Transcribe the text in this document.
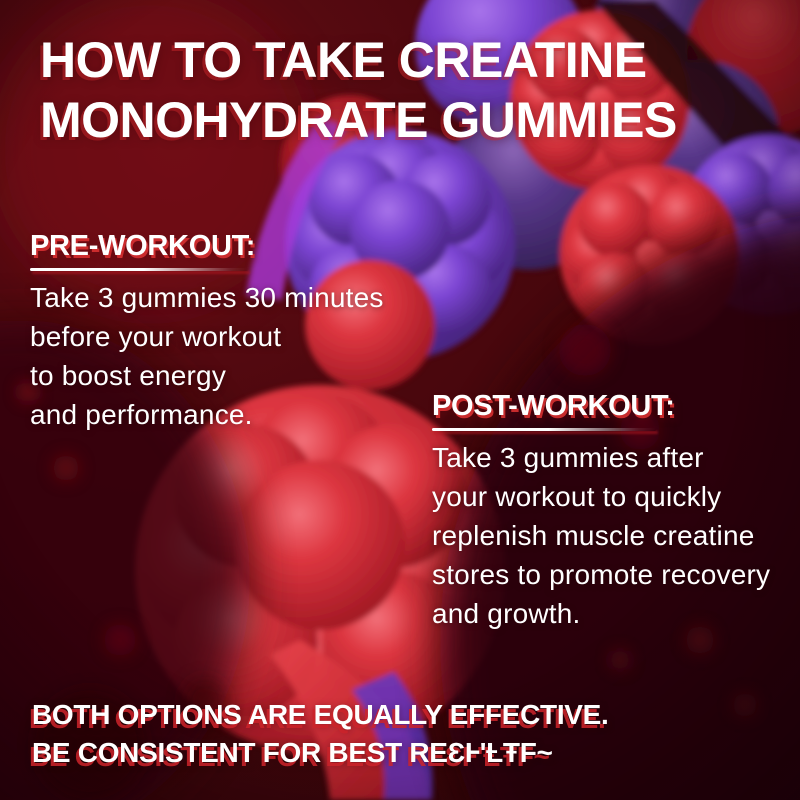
HOW TO TAKE CREATINE
MONOHYDRATE GUMMIES
PRE-WORKOUT:
Take 3 gummies 30 minutes
before your workout
to boost energy
and performance.	POST-WORKOUT:
Take 3 gummies after
your workout to quickly
replenish muscle creatine
stores to promote recovery
and growth.
BOTH OPTIONS ARE EQUALLY EFFECTIVE.
BE CONSISTENT FOR BEST REƐⱵ'ȽŦF~
